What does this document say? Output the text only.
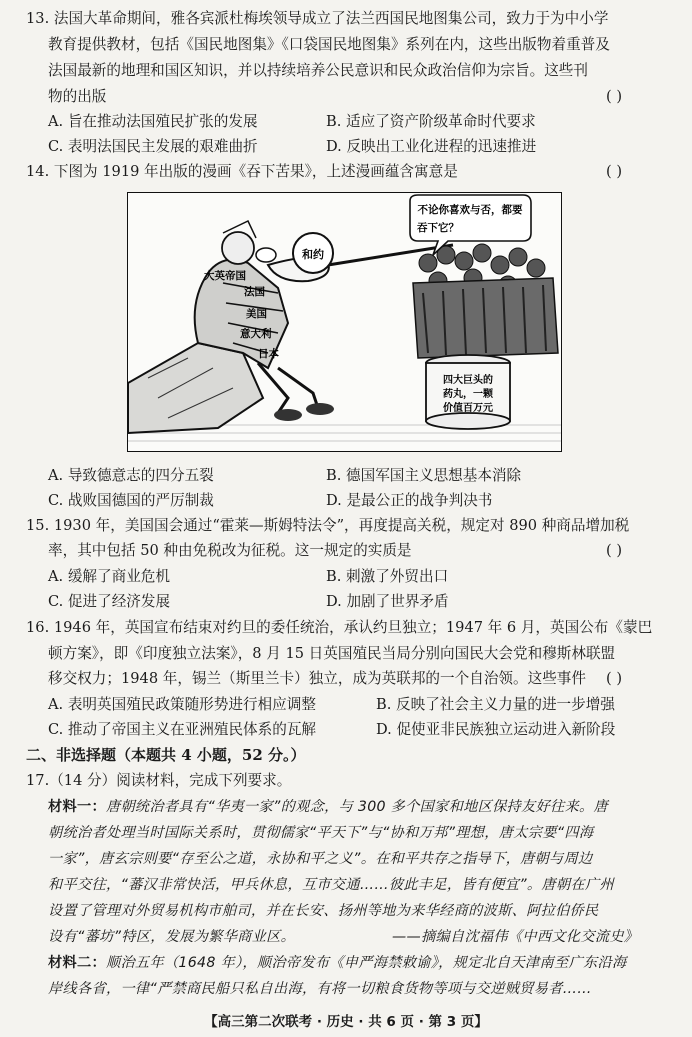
13. 法国大革命期间，雅各宾派杜梅埃领导成立了法兰西国民地图集公司，致力于为中小学
教育提供教材，包括《国民地图集》《口袋国民地图集》系列在内，这些出版物着重普及
法国最新的地理和国区知识，并以持续培养公民意识和民众政治信仰为宗旨。这些刊
物的出版	( )
A. 旨在推动法国殖民扩张的发展	B. 适应了资产阶级革命时代要求
C. 表明法国民主发展的艰难曲折	D. 反映出工业化进程的迅速推进
14. 下图为 1919 年出版的漫画《吞下苦果》，上述漫画蕴含寓意是	( )
和约
四大巨头的
药丸，一颗
价值百万元
不论你喜欢与否，都要
吞下它？
大英帝国
法国
美国
意大利
日本
A. 导致德意志的四分五裂	B. 德国军国主义思想基本消除
C. 战败国德国的严厉制裁	D. 是最公正的战争判决书
15. 1930 年，美国国会通过“霍莱—斯姆特法令”，再度提高关税，规定对 890 种商品增加税
率，其中包括 50 种由免税改为征税。这一规定的实质是	( )
A. 缓解了商业危机	B. 刺激了外贸出口
C. 促进了经济发展	D. 加剧了世界矛盾
16. 1946 年，英国宣布结束对约旦的委任统治，承认约旦独立；1947 年 6 月，英国公布《蒙巴
顿方案》，即《印度独立法案》，8 月 15 日英国殖民当局分别向国民大会党和穆斯林联盟
移交权力；1948 年，锡兰（斯里兰卡）独立，成为英联邦的一个自治领。这些事件 ( )
A. 表明英国殖民政策随形势进行相应调整	B. 反映了社会主义力量的进一步增强
C. 推动了帝国主义在亚洲殖民体系的瓦解	D. 促使亚非民族独立运动进入新阶段
二、非选择题（本题共 4 小题，52 分。）
17.（14 分）阅读材料，完成下列要求。
材料一：唐朝统治者具有“华夷一家”的观念，与 300 多个国家和地区保持友好往来。唐
朝统治者处理当时国际关系时，贯彻儒家“平天下”与“协和万邦”理想，唐太宗要“四海
一家”，唐玄宗则要“存至公之道，永协和平之义”。在和平共存之指导下，唐朝与周边
和平交往，“蕃汉非常快活，甲兵休息，互市交通……彼此丰足，皆有便宜”。唐朝在广州
设置了管理对外贸易机构市舶司，并在长安、扬州等地为来华经商的波斯、阿拉伯侨民
设有“蕃坊”特区，发展为繁华商业区。	——摘编自沈福伟《中西文化交流史》
材料二：顺治五年（1648 年），顺治帝发布《申严海禁敕谕》，规定北自天津南至广东沿海
岸线各省，一律“严禁商民船只私自出海，有将一切粮食货物等项与交逆贼贸易者……
【高三第二次联考 · 历史 · 共 6 页 · 第 3 页】
